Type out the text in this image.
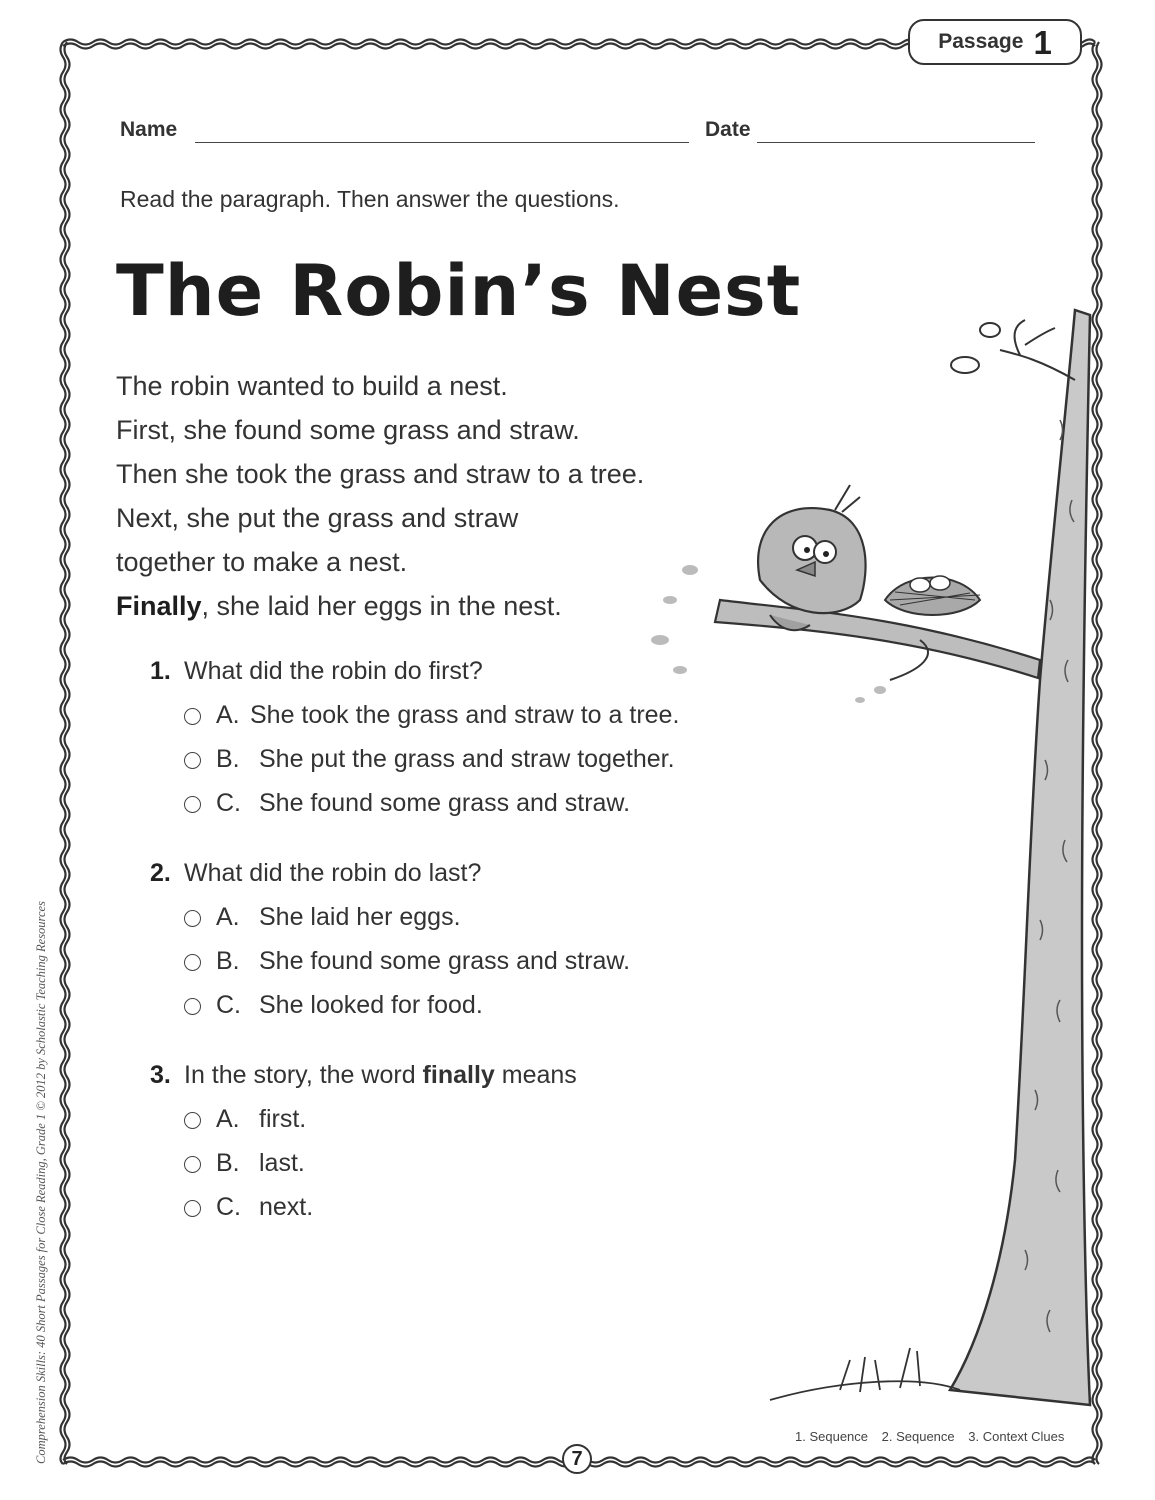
Passage 1
Name	Date
Read the paragraph. Then answer the questions.
The Robin’s Nest
The robin wanted to build a nest.
First, she found some grass and straw.
Then she took the grass and straw to a tree.
Next, she put the grass and straw
together to make a nest.
Finally, she laid her eggs in the nest.
1. What did the robin do first?
A. She took the grass and straw to a tree.
B. She put the grass and straw together.
C. She found some grass and straw.
2. What did the robin do last?
A. She laid her eggs.
B. She found some grass and straw.
C. She looked for food.
3. In the story, the word finally means
A. first.
B. last.
C. next.
1. Sequence 2. Sequence 3. Context Clues
7
Comprehension Skills: 40 Short Passages for Close Reading, Grade 1 © 2012 by Scholastic Teaching Resources
